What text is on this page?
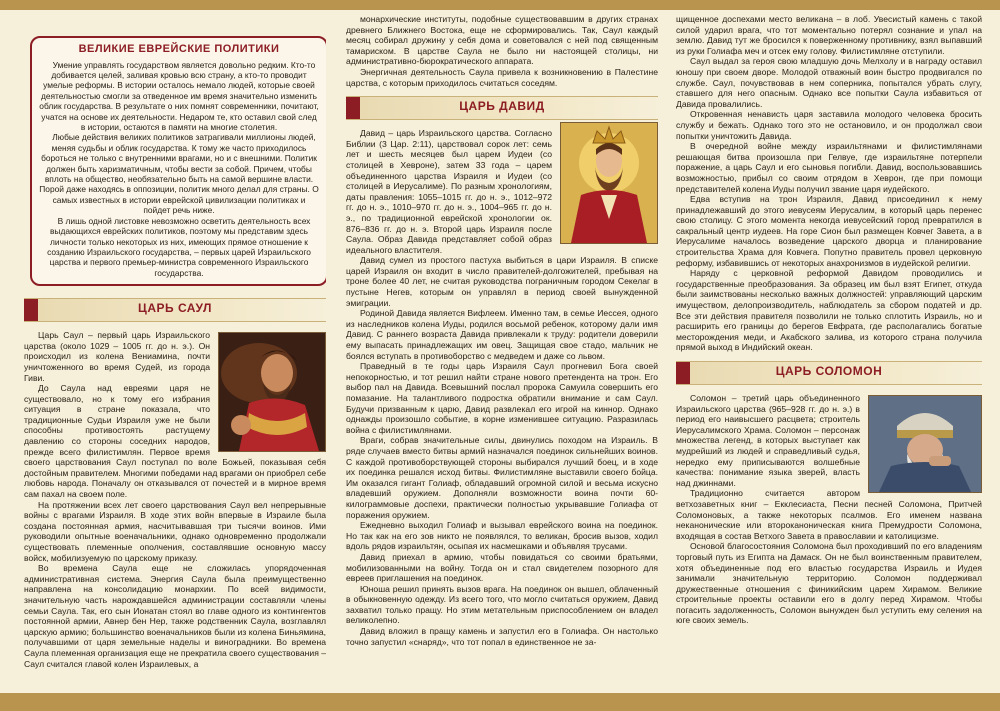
ВЕЛИКИЕ ЕВРЕЙСКИЕ ПОЛИТИКИ

Умение управлять государством является довольно редким. Кто-то добивается целей, заливая кровью всю страну, а кто-то проводит умелые реформы. В истории осталось немало людей, которые своей деятельностью смогли за отведенное им время значительно изменить облик государства. В результате о них помнят современники, почитают, учатся на основе их деятельности. Недаром те, кто оставил свой след в истории, остаются в памяти на многие столетия.

Любые действия великих политиков затрагивали миллионы людей, меняя судьбы и облик государства. К тому же часто приходилось бороться не только с внутренними врагами, но и с внешними. Политик должен быть харизматичным, чтобы вести за собой. Причем, чтобы вплоть на общество, необязательно быть на самой вершине власти. Порой даже находясь в оппозиции, политик много делал для страны. О самых известных в истории еврейской цивилизации политиках и пойдет речь ниже.

В лишь одной листовке невозможно осветить деятельность всех выдающихся еврейских политиков, поэтому мы представим здесь личности только некоторых из них, имеющих прямое отношение к созданию Израильского государства, – первых царей Израильского царства и первого премьер-министра современного Израильского государства.

ЦАРЬ САУЛ

Царь Саул – первый царь Израильского царства (около 1029 – 1005 гг. до н. э.). Он происходил из колена Вениамина, почти уничтоженного во время Судей, из города Гиви.

До Саула над евреями царя не существовало, но к тому его избрания ситуация в стране показала, что традиционные Судьи Израиля уже не были способны противостоять растущему давлению со стороны соседних народов, прежде всего филистимлян. Первое время своего царствования Саул поступал по воле Божьей, показывая себя достойным правителем. Многими победами над врагами он приобрел себе любовь народа. Поначалу он отказывался от почестей и в мирное время сам пахал на своем поле.

На протяжении всех лет своего царствования Саул вел непрерывные войны с врагами Израиля. В ходе этих войн впервые в Израиле была создана постоянная армия, насчитывавшая три тысячи воинов. Ими руководили опытные военачальники, однако одновременно продолжали существовать племенные ополчения, составлявшие основную массу войск, мобилизуемую по царскому приказу.

Во времена Саула еще не сложилась упорядоченная административная система. Энергия Саула была преимущественно направлена на консолидацию монархии. По всей видимости, значительную часть нарождавшейся администрации составляли члены семьи Саула. Так, его сын Ионатан стоял во главе одного из контингентов постоянной армии, Авнер бен Нер, также родственник Саула, возглавлял царскую армию; большинство военачальников были из колена Биньямина, получавшими от царя земельные наделы и виноградники. Во времена Саула племенная организация еще не прекратила своего существования – Саул считался главой колен Израилевых, а

монархические институты, подобные существовавшим в других странах древнего Ближнего Востока, еще не сформировались. Так, Саул каждый месяц собирал дружину у себя дома и советовался с ней под священным тамариском. В царстве Саула не было ни настоящей столицы, ни административно-бюрократического аппарата.

Энергичная деятельность Саула привела к возникновению в Палестине царства, с которым приходилось считаться соседям.

ЦАРЬ ДАВИД

Давид – царь Израильского царства. Согласно Библии (3 Цар. 2:11), царствовал сорок лет: семь лет и шесть месяцев был царем Иудеи (со столицей в Хевроне), затем 33 года – царем объединенного царства Израиля и Иудеи (со столицей в Иерусалиме). По разным хронологиям, даты правления: 1055–1015 гг. до н. э., 1012–972 гг. до н. э., 1010–970 гг. до н. э., 1004–965 гг. до н. э., по традиционной еврейской хронологии ок. 876–836 гг. до н. э. Второй царь Израиля после Саула. Образ Давида представляет собой образ идеального властителя.

Давид сумел из простого пастуха выбиться в цари Израиля. В списке царей Израиля он входит в число правителей-долгожителей, пребывая на троне более 40 лет, не считая руководства пограничным городом Секелаг в пустыне Негев, которым он управлял в период своей вынужденной эмиграции.

Родиной Давида является Вифлеем. Именно там, в семье Иессея, одного из наследников колена Иуды, родился восьмой ребенок, которому дали имя Давид. С раннего возраста Давида привлекали к труду: родители доверили ему выпасать принадлежащих им овец. Защищая свое стадо, мальчик не боялся вступать в противоборство с медведем и даже со львом.

Праведный в те годы царь Израиля Саул прогневил Бога своей непокорностью, и тот решил найти стране нового претендента на трон. Его выбор пал на Давида. Всевышний послал пророка Самуила совершить его помазание. На талантливого подростка обратили внимание и сам Саул. Будучи призванным к царю, Давид развлекал его игрой на киннор. Однако однажды произошло событие, в корне изменившее ситуацию. Разразилась война с филистимлянами.

Враги, собрав значительные силы, двинулись походом на Израиль. В ряде случаев вместо битвы армий назначался поединок сильнейших воинов. С каждой противоборствующей стороны выбирался лучший боец, и в ходе их поединка решался исход битвы. Филистимляне выставили своего бойца. Им оказался гигант Голиаф, обладавший огромной силой и весьма искусно владевший оружием. Дополняли возможности воина почти 60-килограммовые доспехи, практически полностью укрывавшие Голиафа от поражения оружием.

Ежедневно выходил Голиаф и вызывал еврейского воина на поединок. Но так как на его зов никто не появлялся, то великан, бросив вызов, ходил вдоль рядов израильтян, осыпая их насмешками и объявляя трусами.

Давид приехал в армию, чтобы повидаться со своими братьями, мобилизованными на войну. Тогда он и стал свидетелем позорного для евреев приглашения на поединок.

Юноша решил принять вызов врага. На поединок он вышел, облаченный в обыкновенную одежду. Из всего того, что могло считаться оружием, Давид захватил только пращу. Но этим метательным приспособлением он владел великолепно.

Давид вложил в пращу камень и запустил его в Голиафа. Он настолько точно запустил «снаряд», что тот попал в единственное не за-

щищенное доспехами место великана – в лоб. Увесистый камень с такой силой ударил врага, что тот моментально потерял сознание и упал на землю. Давид тут же бросился к поверженному противнику, взял выпавший из руки Голиафа меч и отсек ему голову. Филистимляне отступили.

Саул выдал за героя свою младшую дочь Мелхолу и в награду оставил юношу при своем дворе. Молодой отважный воин быстро продвигался по службе. Саул, почувствовав в нем соперника, попытался убрать слугу, ставшего для него опасным. Однако все попытки Саула избавиться от Давида провалились.

Откровенная ненависть царя заставила молодого человека бросить службу и бежать. Однако того это не остановило, и он продолжал свои попытки уничтожить Давида.

В очередной войне между израильтянами и филистимлянами решающая битва произошла при Гелвуе, где израильтяне потерпели поражение, а царь Саул и его сыновья погибли. Давид, воспользовавшись возможностью, прибыл со своим отрядом в Хеврон, где при помощи представителей колена Иуды получил звание царя иудейского.

Едва вступив на трон Израиля, Давид присоединил к нему принадлежавший до этого иевусеям Иерусалим, в который царь перенес свою столицу. С этого момента некогда иевусейский город превратился в сакральный центр иудеев. На горе Сион был размещен Ковчег Завета, а в Иерусалиме началось возведение царского дворца и планирование строительства Храма для Ковчега. Попутно правитель провел церковную реформу, избавившись от некоторых анахронизмов в иудейской религии.

Наряду с церковной реформой Давидом проводились и государственные преобразования. За образец им был взят Египет, откуда были заимствованы несколько важных должностей: управляющий царским имуществом, делопроизводитель, наблюдатель за сбором податей и др. Все эти действия правителя позволили не только сплотить Израиль, но и расширить его границы до берегов Евфрата, где располагались богатые месторождения меди, и Акабского залива, из которого страна получила прямой выход в Индийский океан.

ЦАРЬ СОЛОМОН

Соломон – третий царь объединенного Израильского царства (965–928 гг. до н. э.) в период его наивысшего расцвета; строитель Иерусалимского Храма. Соломон – персонаж множества легенд, в которых выступает как мудрейший из людей и справедливый судья, нередко ему приписываются волшебные качества: понимание языка зверей, власть над джиннами.

Традиционно считается автором ветхозаветных книг – Екклесиаста, Песни песней Соломона, Притчей Соломоновых, а также некоторых псалмов. Его именем названа неканонические или второканоническая книга Премудрости Соломона, входящая в состав Ветхого Завета в православии и католицизме.

Основой благосостояния Соломона был проходивший по его владениям торговый путь из Египта на Дамаск. Он не был воинственным правителем, хотя объединенные под его властью государства Израиль и Иудея занимали значительную территорию. Соломон поддерживал дружественные отношения с финикийским царем Хирамом. Великие строительные проекты оставили его в долгу перед Хирамом. Чтобы погасить задолженность, Соломон вынужден был уступить ему селения на юге своих земель.
